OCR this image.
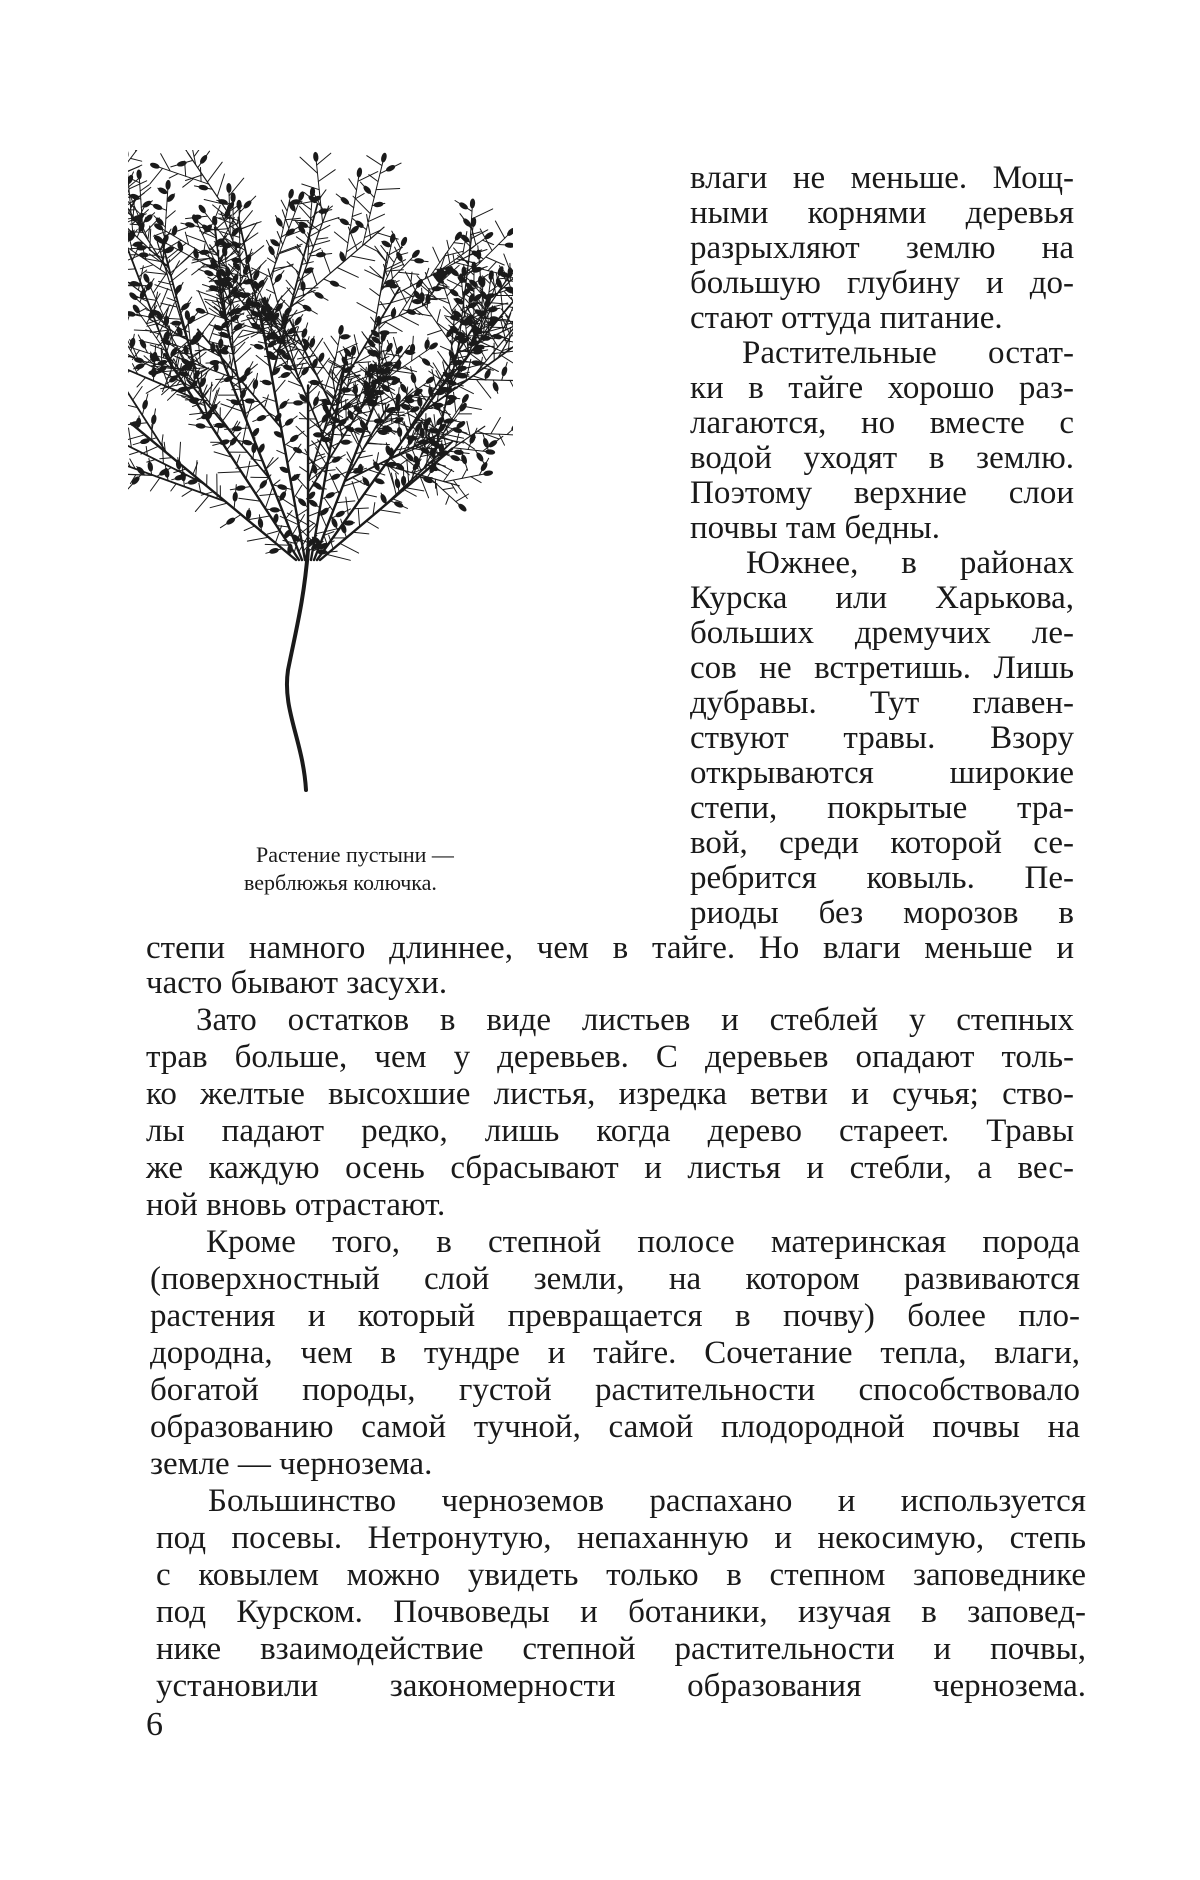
Растение пустыни —
верблюжья колючка.
влаги не меньше. Мощ-
ными корнями деревья
разрыхляют землю на
большую глубину и до-
стают оттуда питание.
Растительные остат-
ки в тайге хорошо раз-
лагаются, но вместе с
водой уходят в землю.
Поэтому верхние слои
почвы там бедны.
Южнее, в районах
Курска или Харькова,
больших дремучих ле-
сов не встретишь. Лишь
дубравы. Тут главен-
ствуют травы. Взору
открываются широкие
степи, покрытые тра-
вой, среди которой се-
ребрится ковыль. Пе-
риоды без морозов в
степи намного длиннее, чем в тайге. Но влаги меньше и
часто бывают засухи.
Зато остатков в виде листьев и стеблей у степных
трав больше, чем у деревьев. С деревьев опадают толь-
ко желтые высохшие листья, изредка ветви и сучья; ство-
лы падают редко, лишь когда дерево стареет. Травы
же каждую осень сбрасывают и листья и стебли, а вес-
ной вновь отрастают.
Кроме того, в степной полосе материнская порода
(поверхностный слой земли, на котором развиваются
растения и который превращается в почву) более пло-
дородна, чем в тундре и тайге. Сочетание тепла, влаги,
богатой породы, густой растительности способствовало
образованию самой тучной, самой плодородной почвы на
земле — чернозема.
Большинство черноземов распахано и используется
под посевы. Нетронутую, непаханную и некосимую, степь
с ковылем можно увидеть только в степном заповеднике
под Курском. Почвоведы и ботаники, изучая в заповед-
нике взаимодействие степной растительности и почвы,
установили закономерности образования чернозема.
6
